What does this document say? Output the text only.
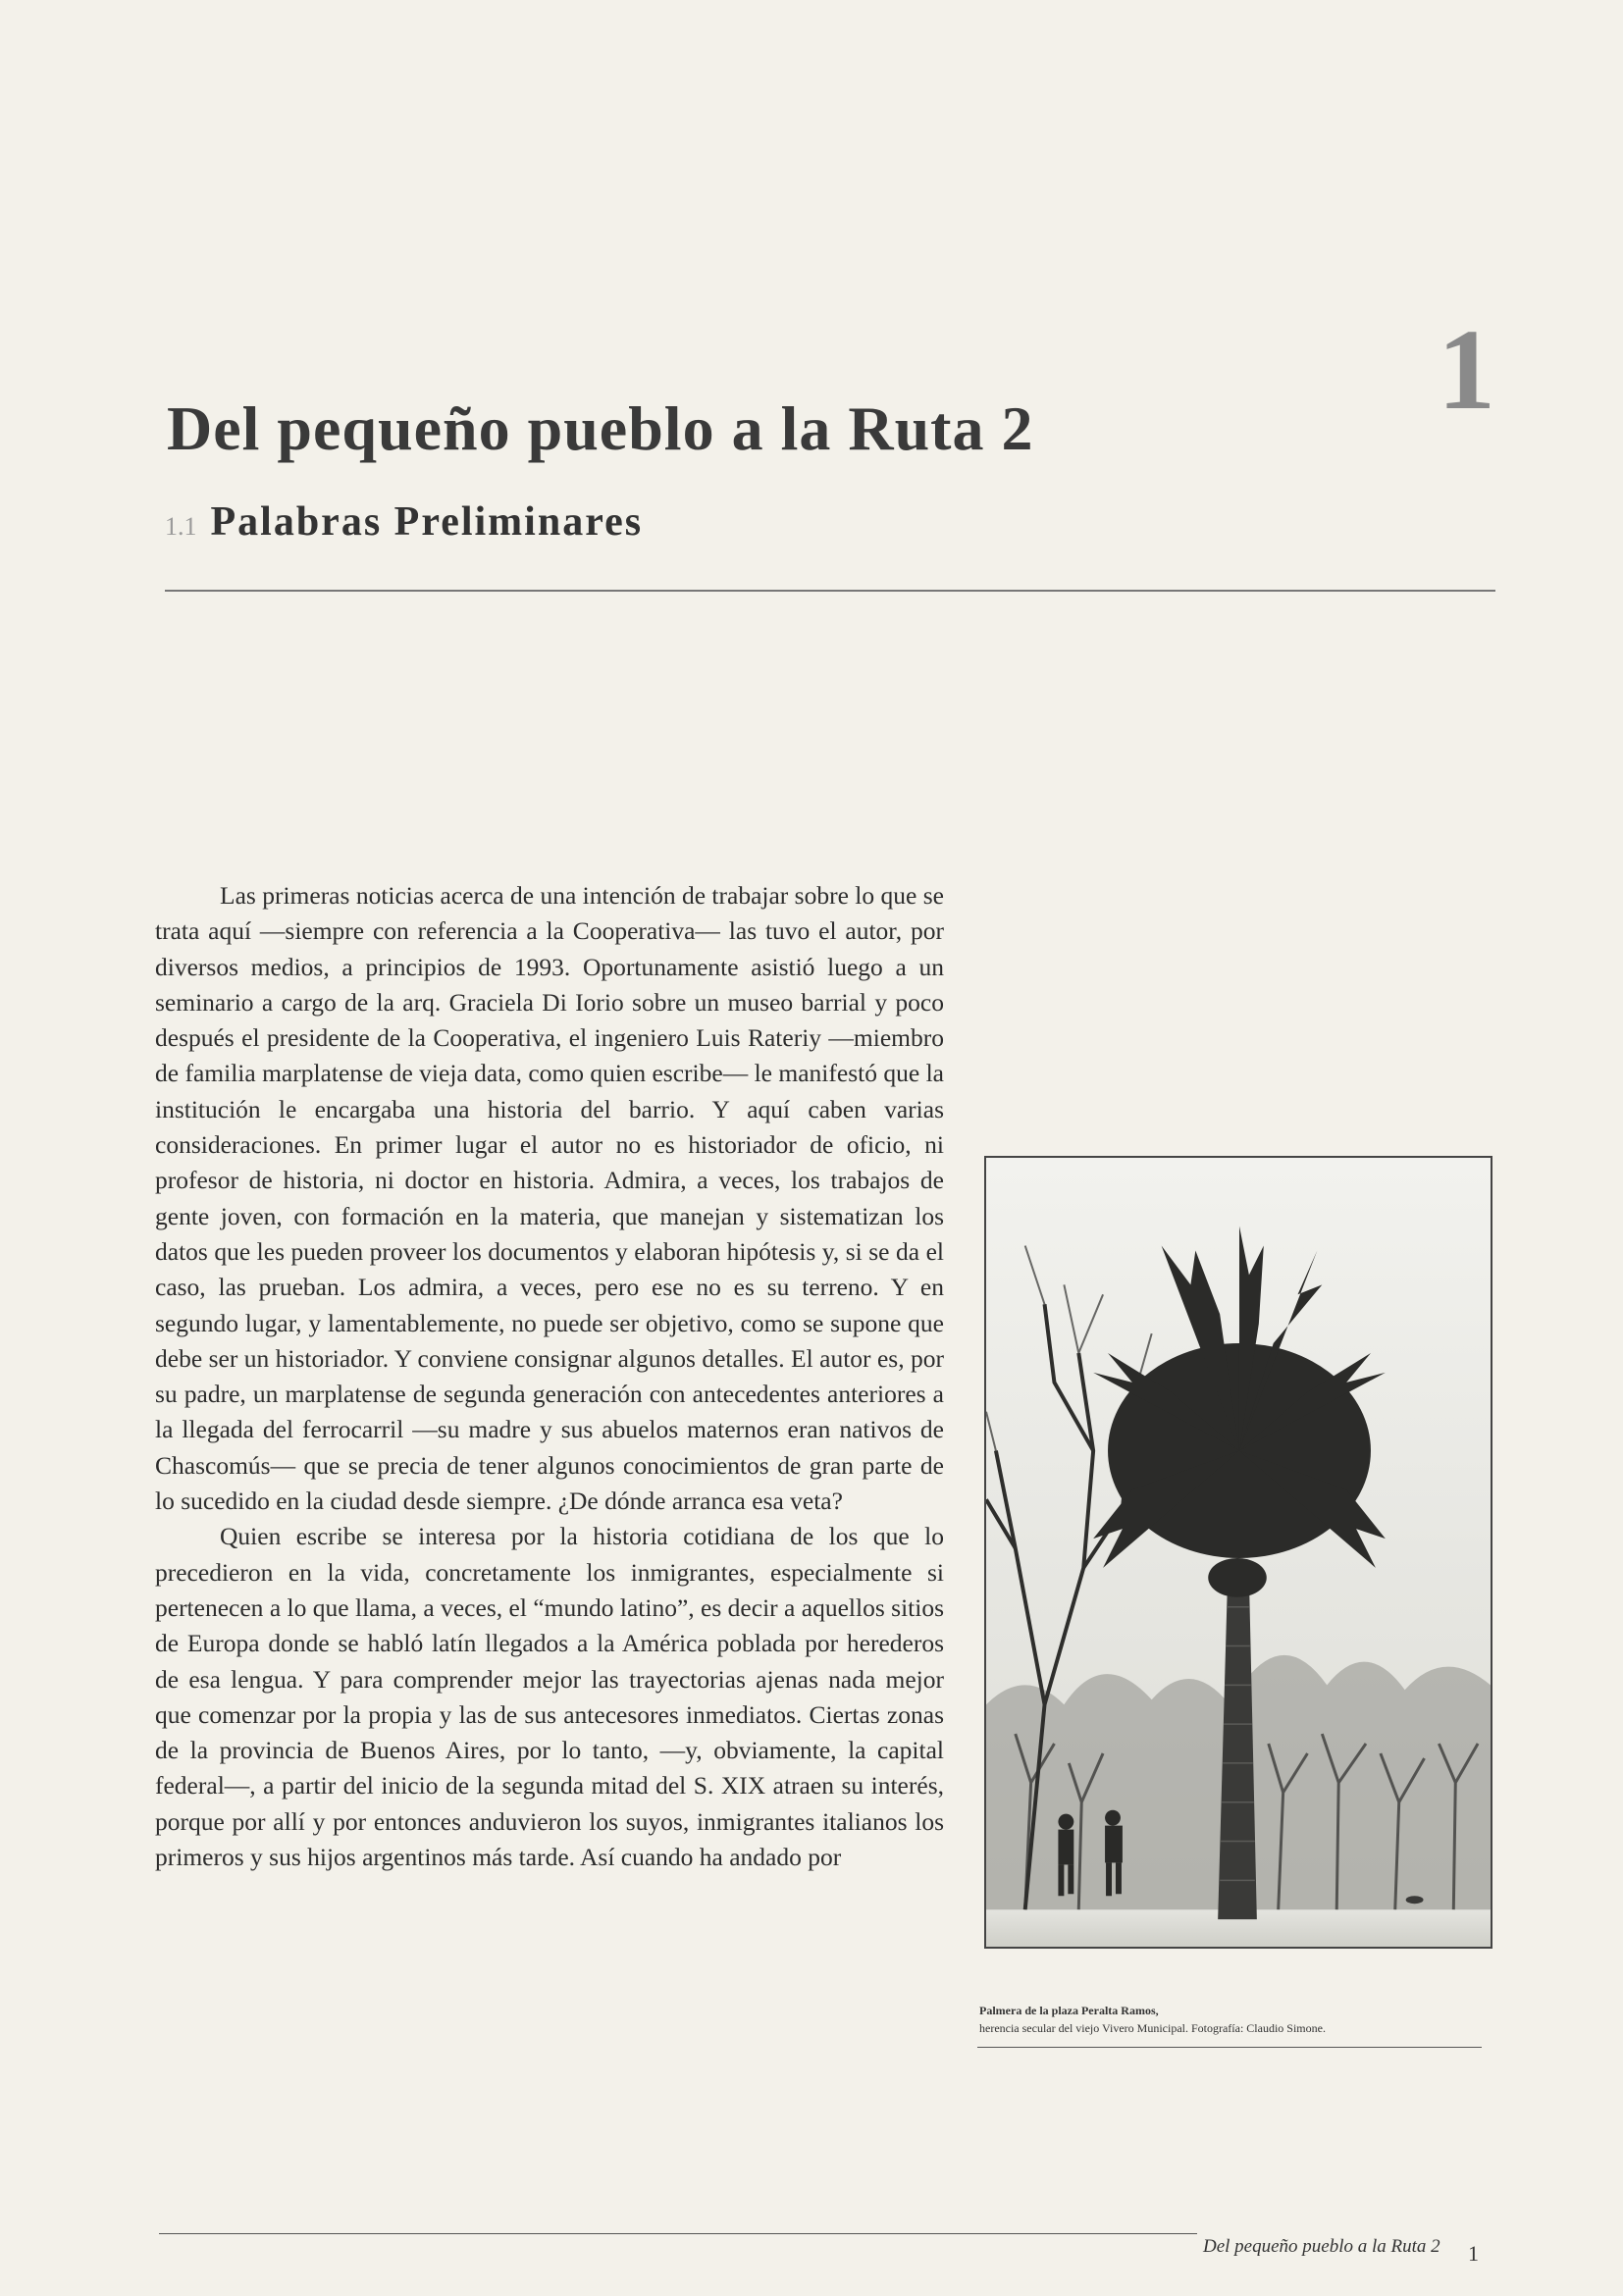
1
Del pequeño pueblo a la Ruta 2
1.1 Palabras Preliminares

Las primeras noticias acerca de una intención de trabajar sobre lo que se trata aquí —siempre con referencia a la Cooperativa— las tuvo el autor, por diversos medios, a principios de 1993. Oportunamente asistió luego a un seminario a cargo de la arq. Graciela Di Iorio sobre un museo barrial y poco después el presidente de la Cooperativa, el ingeniero Luis Rateriy —miembro de familia marplatense de vieja data, como quien escribe— le manifestó que la institución le encargaba una historia del barrio. Y aquí caben varias consideraciones. En primer lugar el autor no es historiador de oficio, ni profesor de historia, ni doctor en historia. Admira, a veces, los trabajos de gente joven, con formación en la materia, que manejan y sistematizan los datos que les pueden proveer los documentos y elaboran hipótesis y, si se da el caso, las prueban. Los admira, a veces, pero ese no es su terreno. Y en segundo lugar, y lamentablemente, no puede ser objetivo, como se supone que debe ser un historiador. Y conviene consignar algunos detalles. El autor es, por su padre, un marplatense de segunda generación con antecedentes anteriores a la llegada del ferrocarril —su madre y sus abuelos maternos eran nativos de Chascomús— que se precia de tener algunos conocimientos de gran parte de lo sucedido en la ciudad desde siempre. ¿De dónde arranca esa veta?

Quien escribe se interesa por la historia cotidiana de los que lo precedieron en la vida, concretamente los inmigrantes, especialmente si pertenecen a lo que llama, a veces, el “mundo latino”, es decir a aquellos sitios de Europa donde se habló latín llegados a la América poblada por herederos de esa lengua. Y para comprender mejor las trayectorias ajenas nada mejor que comenzar por la propia y las de sus antecesores inmediatos. Ciertas zonas de la provincia de Buenos Aires, por lo tanto, —y, obviamente, la capital federal—, a partir del inicio de la segunda mitad del S. XIX atraen su interés, porque por allí y por entonces anduvieron los suyos, inmigrantes italianos los primeros y sus hijos argentinos más tarde. Así cuando ha andado por

Palmera de la plaza Peralta Ramos,
herencia secular del viejo Vivero Municipal. Fotografía: Claudio Simone.
Del pequeño pueblo a la Ruta 2 1
